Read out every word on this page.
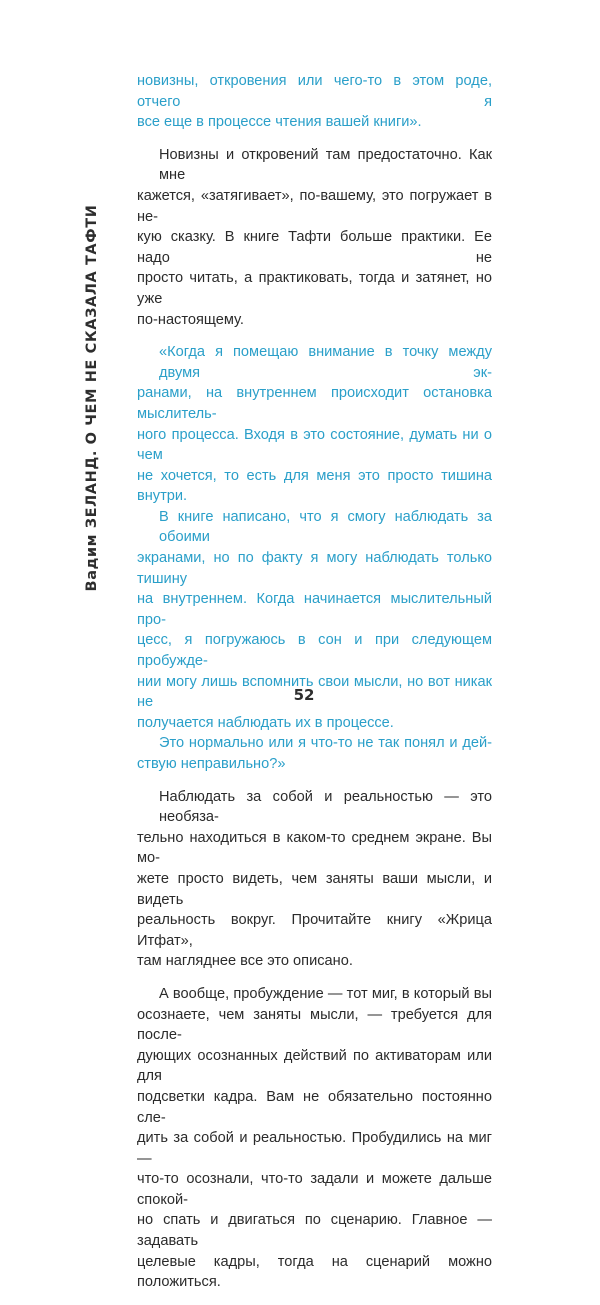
Вадим ЗЕЛАНД. О ЧЕМ НЕ СКАЗАЛА ТАФТИ
новизны, откровения или чего-то в этом роде, отчего я
все еще в процессе чтения вашей книги».
Новизны и откровений там предостаточно. Как мне
кажется, «затягивает», по-вашему, это погружает в не-
кую сказку. В книге Тафти больше практики. Ее надо не
просто читать, а практиковать, тогда и затянет, но уже
по-настоящему.
«Когда я помещаю внимание в точку между двумя эк-
ранами, на внутреннем происходит остановка мыслитель-
ного процесса. Входя в это состояние, думать ни о чем
не хочется, то есть для меня это просто тишина внутри.
В книге написано, что я смогу наблюдать за обоими
экранами, но по факту я могу наблюдать только тишину
на внутреннем. Когда начинается мыслительный про-
цесс, я погружаюсь в сон и при следующем пробужде-
нии могу лишь вспомнить свои мысли, но вот никак не
получается наблюдать их в процессе.
Это нормально или я что-то не так понял и дей-
ствую неправильно?»
Наблюдать за собой и реальностью — это необяза-
тельно находиться в каком-то среднем экране. Вы мо-
жете просто видеть, чем заняты ваши мысли, и видеть
реальность вокруг. Прочитайте книгу «Жрица Итфат»,
там нагляднее все это описано.
А вообще, пробуждение — тот миг, в который вы
осознаете, чем заняты мысли, — требуется для после-
дующих осознанных действий по активаторам или для
подсветки кадра. Вам не обязательно постоянно сле-
дить за собой и реальностью. Пробудились на миг —
что-то осознали, что-то задали и можете дальше спокой-
но спать и двигаться по сценарию. Главное — задавать
целевые кадры, тогда на сценарий можно положиться.
52
